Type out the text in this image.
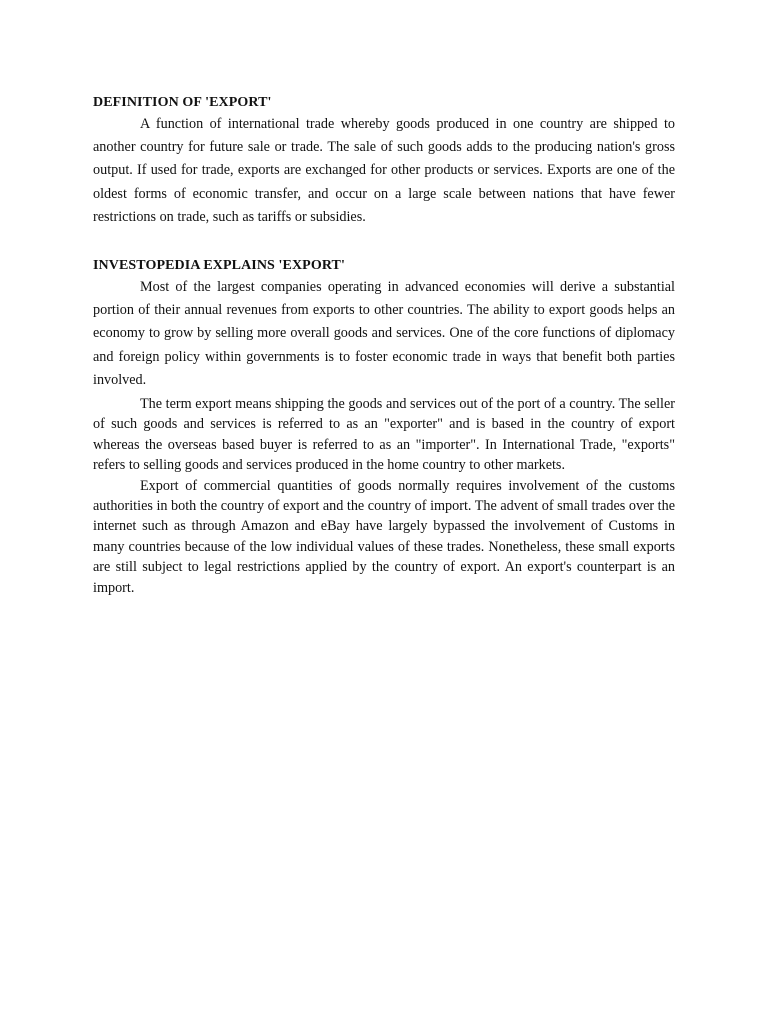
DEFINITION OF 'EXPORT'

A function of international trade whereby goods produced in one country are shipped to another country for future sale or trade. The sale of such goods adds to the producing nation's gross output. If used for trade, exports are exchanged for other products or services. Exports are one of the oldest forms of economic transfer, and occur on a large scale between nations that have fewer restrictions on trade, such as tariffs or subsidies.

INVESTOPEDIA EXPLAINS 'EXPORT'

Most of the largest companies operating in advanced economies will derive a substantial portion of their annual revenues from exports to other countries. The ability to export goods helps an economy to grow by selling more overall goods and services. One of the core functions of diplomacy and foreign policy within governments is to foster economic trade in ways that benefit both parties involved.

The term export means shipping the goods and services out of the port of a country. The seller of such goods and services is referred to as an "exporter" and is based in the country of export whereas the overseas based buyer is referred to as an "importer". In International Trade, "exports" refers to selling goods and services produced in the home country to other markets.

Export of commercial quantities of goods normally requires involvement of the customs authorities in both the country of export and the country of import. The advent of small trades over the internet such as through Amazon and eBay have largely bypassed the involvement of Customs in many countries because of the low individual values of these trades. Nonetheless, these small exports are still subject to legal restrictions applied by the country of export. An export's counterpart is an import.
